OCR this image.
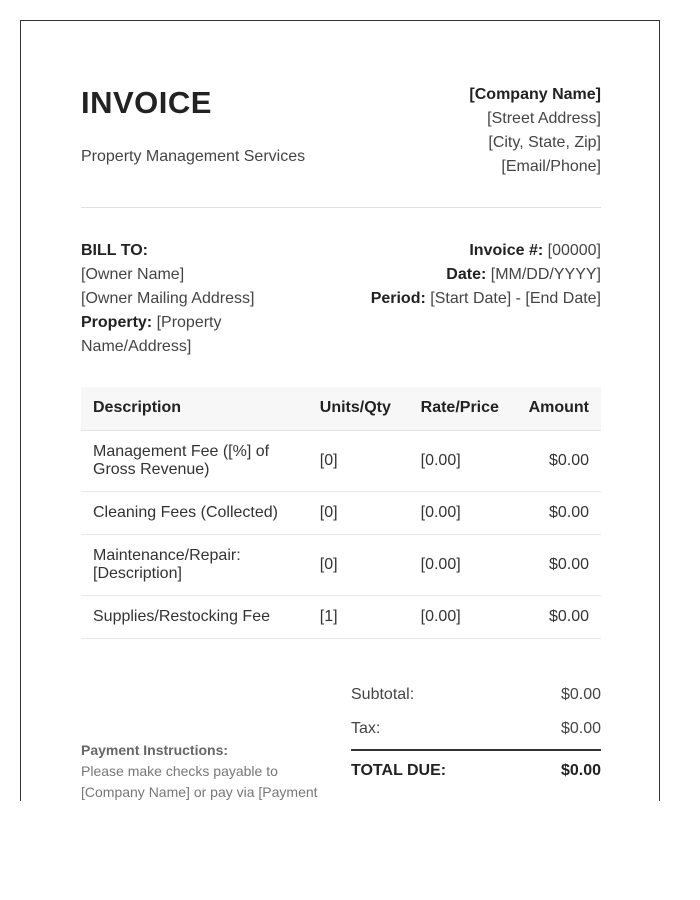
INVOICE
Property Management Services
[Company Name]
[Street Address]
[City, State, Zip]
[Email/Phone]
BILL TO:
[Owner Name]
[Owner Mailing Address]
Property: [Property Name/Address]
Invoice #: [00000]
Date: [MM/DD/YYYY]
Period: [Start Date] - [End Date]
Description	Units/Qty	Rate/Price	Amount
Management Fee ([%] of Gross Revenue)	[0]	[0.00]	$0.00
Cleaning Fees (Collected)	[0]	[0.00]	$0.00
Maintenance/Repair: [Description]	[0]	[0.00]	$0.00
Supplies/Restocking Fee	[1]	[0.00]	$0.00
Payment Instructions:
Please make checks payable to [Company Name] or pay via [Payment
Subtotal:	$0.00
Tax:	$0.00
TOTAL DUE:	$0.00
